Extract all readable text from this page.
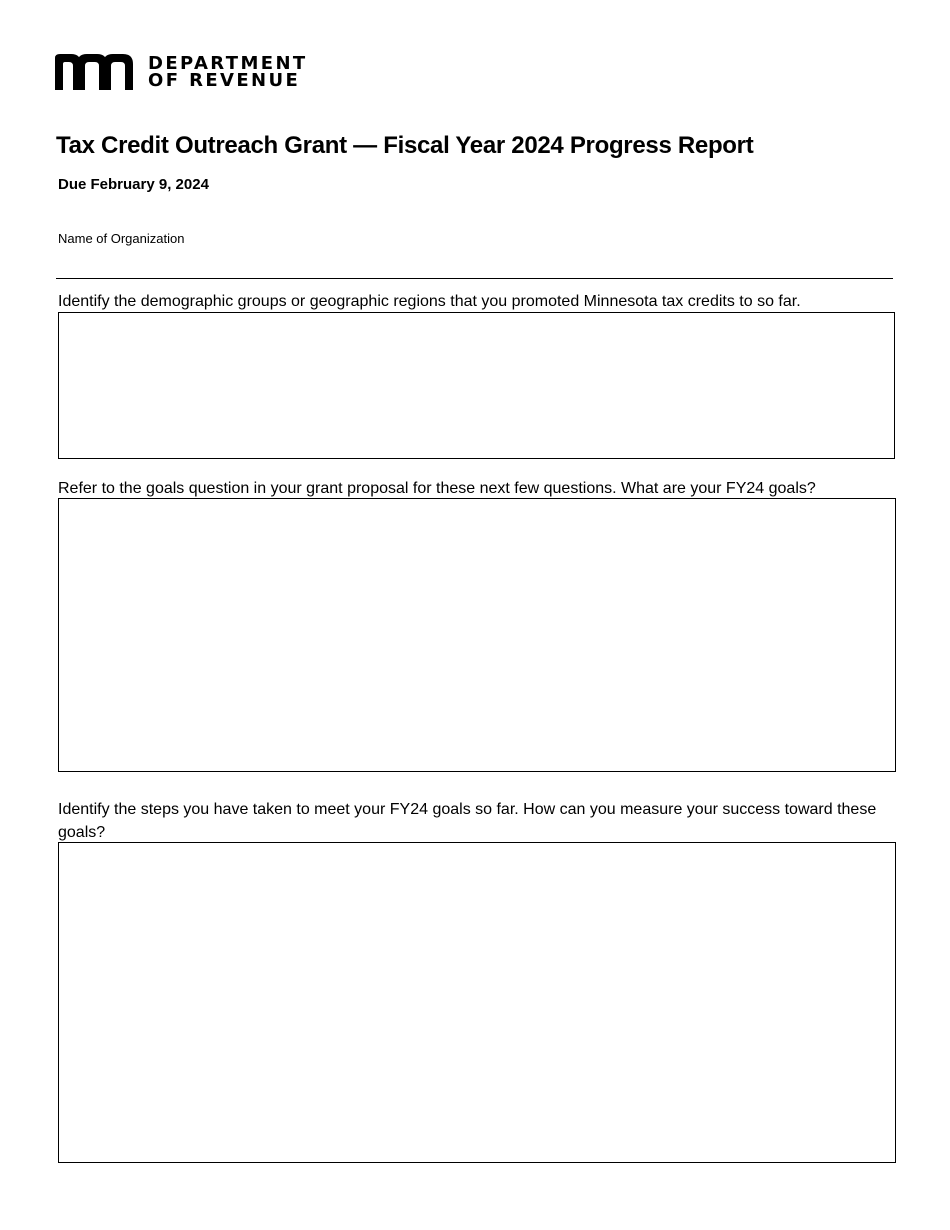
DEPARTMENT
OF REVENUE
Tax Credit Outreach Grant — Fiscal Year 2024 Progress Report
Due February 9, 2024
Name of Organization
Identify the demographic groups or geographic regions that you promoted Minnesota tax credits to so far.
Refer to the goals question in your grant proposal for these next few questions. What are your FY24 goals?
Identify the steps you have taken to meet your FY24 goals so far. How can you measure your success toward these goals?
